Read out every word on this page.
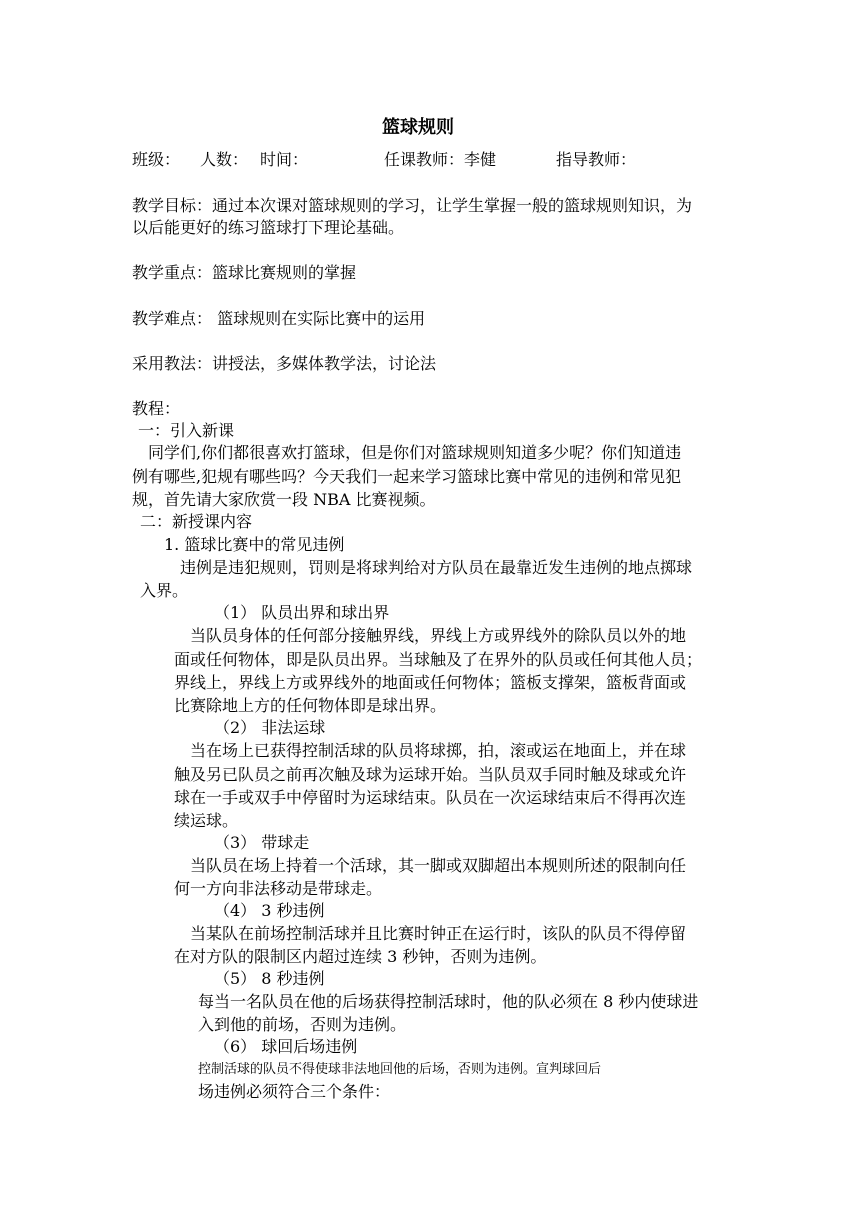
篮球规则
班级： 人数： 时间：	任课教师：李健	指导教师：
教学目标：通过本次课对篮球规则的学习，让学生掌握一般的篮球规则知识，为
以后能更好的练习篮球打下理论基础。
教学重点：篮球比赛规则的掌握
教学难点： 篮球规则在实际比赛中的运用
采用教法：讲授法，多媒体教学法，讨论法
教程：
一：引入新课
同学们,你们都很喜欢打篮球，但是你们对篮球规则知道多少呢？你们知道违
例有哪些,犯规有哪些吗？今天我们一起来学习篮球比赛中常见的违例和常见犯
规，首先请大家欣赏一段 NBA 比赛视频。
二：新授课内容
1. 篮球比赛中的常见违例
违例是违犯规则，罚则是将球判给对方队员在最靠近发生违例的地点掷球
入界。
（1） 队员出界和球出界
当队员身体的任何部分接触界线，界线上方或界线外的除队员以外的地
面或任何物体，即是队员出界。当球触及了在界外的队员或任何其他人员；
界线上，界线上方或界线外的地面或任何物体；篮板支撑架，篮板背面或
比赛除地上方的任何物体即是球出界。
（2） 非法运球
当在场上已获得控制活球的队员将球掷，拍，滚或运在地面上，并在球
触及另已队员之前再次触及球为运球开始。当队员双手同时触及球或允许
球在一手或双手中停留时为运球结束。队员在一次运球结束后不得再次连
续运球。
（3） 带球走
当队员在场上持着一个活球，其一脚或双脚超出本规则所述的限制向任
何一方向非法移动是带球走。
（4） 3 秒违例
当某队在前场控制活球并且比赛时钟正在运行时，该队的队员不得停留
在对方队的限制区内超过连续 3 秒钟，否则为违例。
（5） 8 秒违例
每当一名队员在他的后场获得控制活球时，他的队必须在 8 秒内使球进
入到他的前场，否则为违例。
（6） 球回后场违例
控制活球的队员不得使球非法地回他的后场，否则为违例。宣判球回后
场违例必须符合三个条件：
